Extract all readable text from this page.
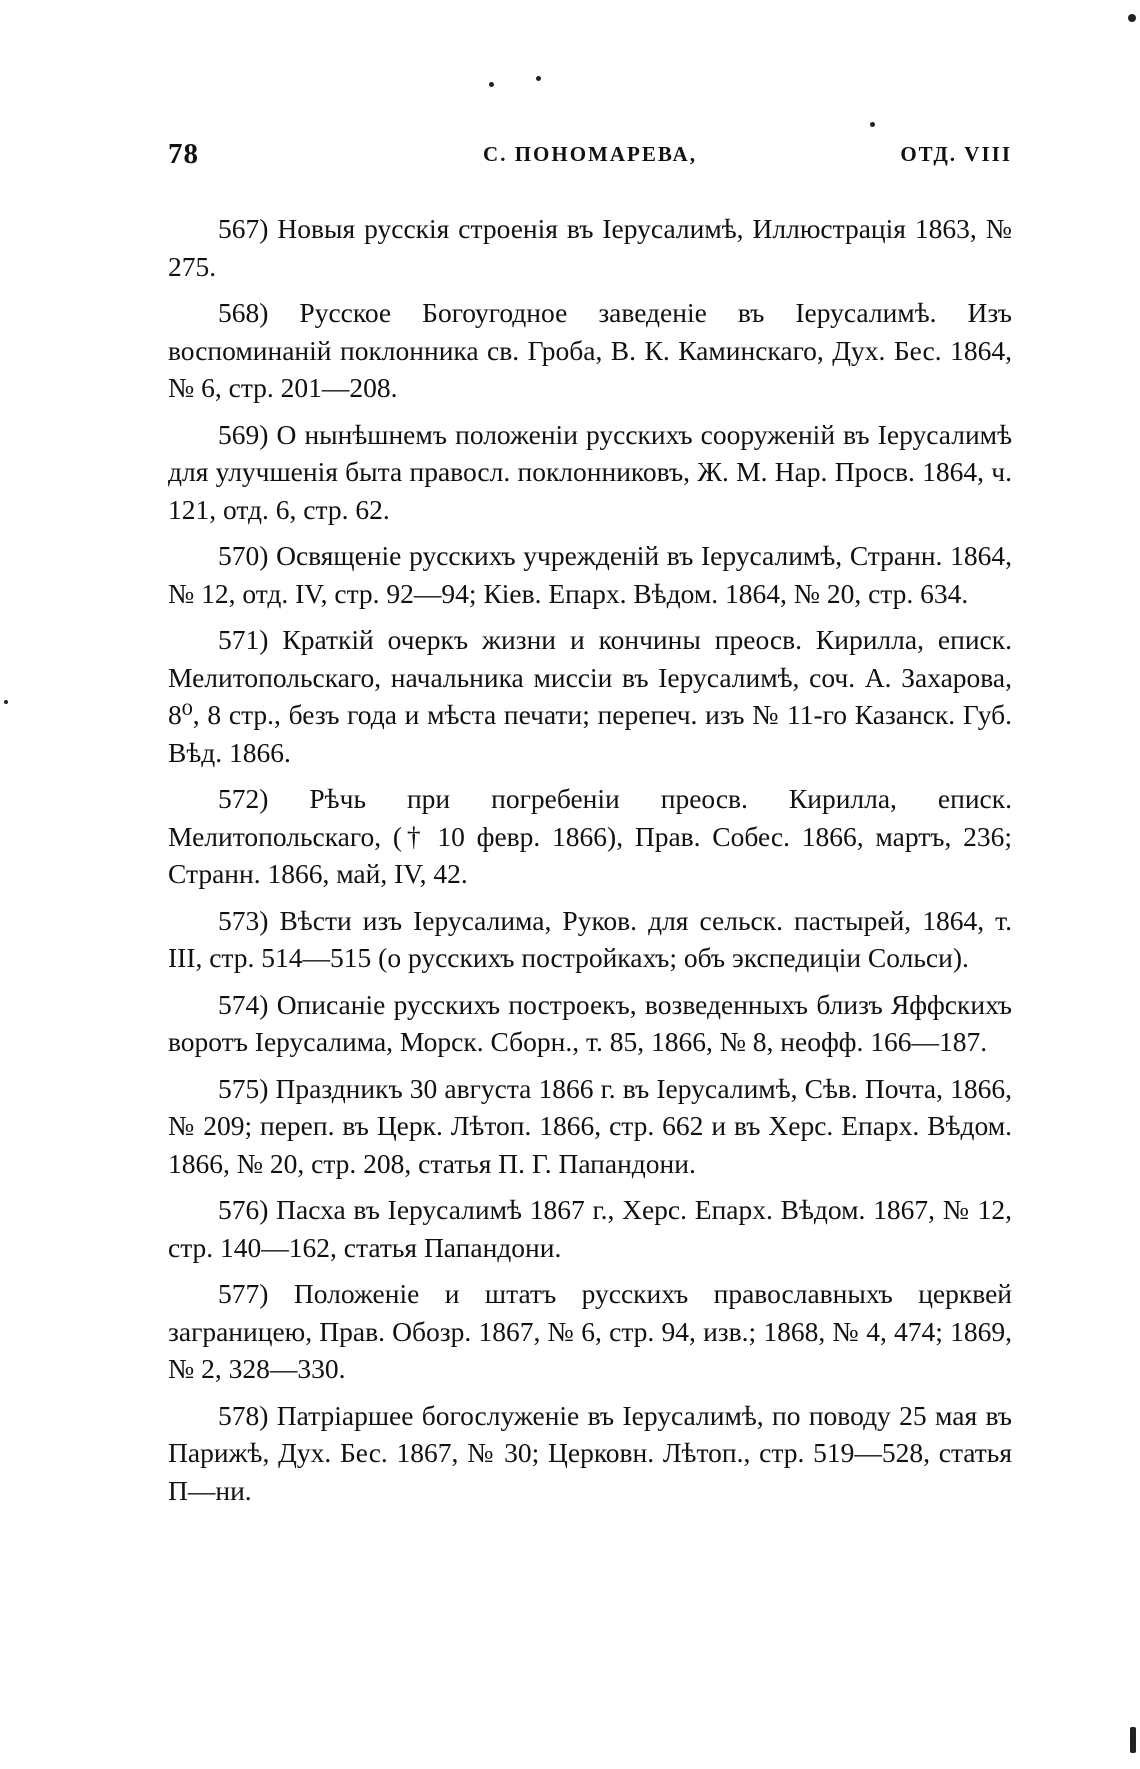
78	С. ПОНОМАРЕВА,	ОТД. VIII

567) Новыя русскія строенія въ Іерусалимѣ, Иллюстрація 1863, № 275.

568) Русское Богоугодное заведеніе въ Іерусалимѣ. Изъ воспоминаній поклонника св. Гроба, В. К. Каминскаго, Дух. Бес. 1864, № 6, стр. 201—208.

569) О нынѣшнемъ положеніи русскихъ сооруженій въ Іерусалимѣ для улучшенія быта правосл. поклонниковъ, Ж. М. Нар. Просв. 1864, ч. 121, отд. 6, стр. 62.

570) Освященіе русскихъ учрежденій въ Іерусалимѣ, Странн. 1864, № 12, отд. IV, стр. 92—94; Кіев. Епарх. Вѣдом. 1864, № 20, стр. 634.

571) Краткій очеркъ жизни и кончины преосв. Кирилла, еписк. Мелитопольскаго, начальника миссіи въ Іерусалимѣ, соч. А. Захарова, 8⁰, 8 стр., безъ года и мѣста печати; перепеч. изъ № 11-го Казанск. Губ. Вѣд. 1866.

572) Рѣчь при погребеніи преосв. Кирилла, еписк. Мелитопольскаго, († 10 февр. 1866), Прав. Собес. 1866, мартъ, 236; Странн. 1866, май, IV, 42.

573) Вѣсти изъ Іерусалима, Руков. для сельск. пастырей, 1864, т. III, стр. 514—515 (о русскихъ постройкахъ; объ экспедиціи Сольси).

574) Описаніе русскихъ построекъ, возведенныхъ близъ Яффскихъ воротъ Іерусалима, Морск. Сборн., т. 85, 1866, № 8, неофф. 166—187.

575) Праздникъ 30 августа 1866 г. въ Іерусалимѣ, Сѣв. Почта, 1866, № 209; переп. въ Церк. Лѣтоп. 1866, стр. 662 и въ Херс. Епарх. Вѣдом. 1866, № 20, стр. 208, статья П. Г. Папандони.

576) Пасха въ Іерусалимѣ 1867 г., Херс. Епарх. Вѣдом. 1867, № 12, стр. 140—162, статья Папандони.

577) Положеніе и штатъ русскихъ православныхъ церквей заграницею, Прав. Обозр. 1867, № 6, стр. 94, изв.; 1868, № 4, 474; 1869, № 2, 328—330.

578) Патріаршее богослуженіе въ Іерусалимѣ, по поводу 25 мая въ Парижѣ, Дух. Бес. 1867, № 30; Церковн. Лѣтоп., стр. 519—528, статья П—ни.
